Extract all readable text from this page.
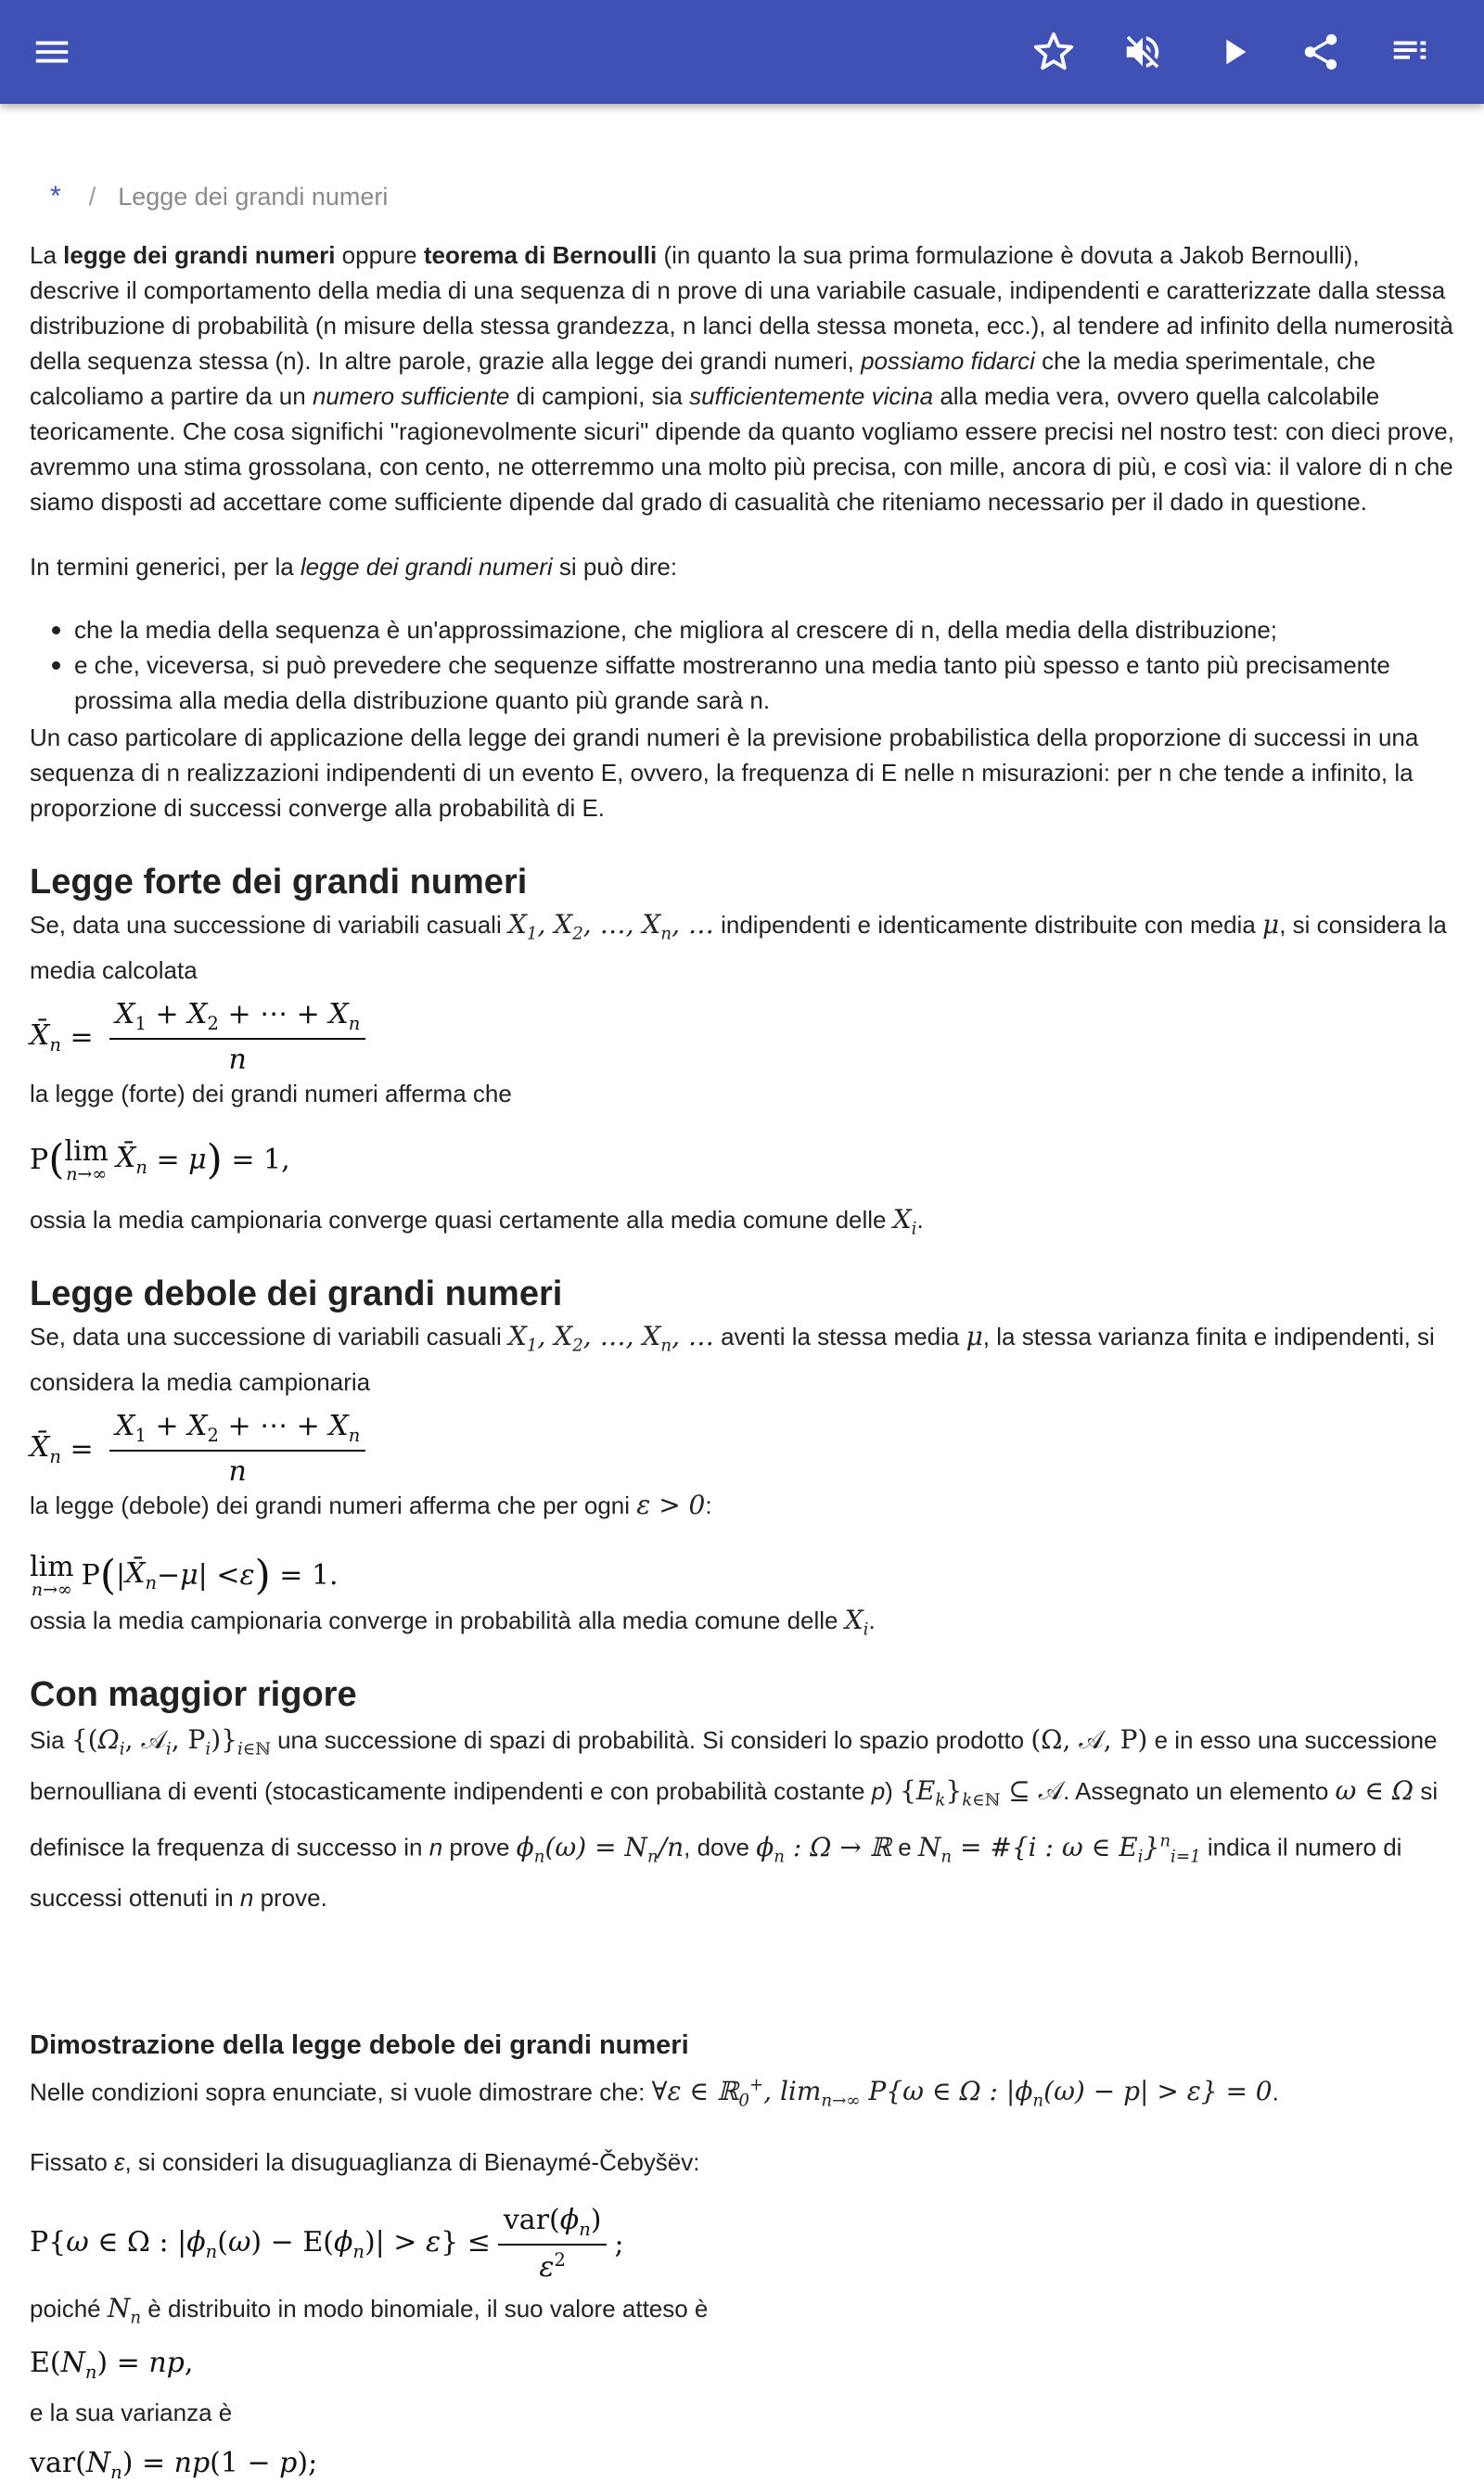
* / Legge dei grandi numeri

La legge dei grandi numeri oppure teorema di Bernoulli (in quanto la sua prima formulazione è dovuta a Jakob Bernoulli), descrive il comportamento della media di una sequenza di n prove di una variabile casuale, indipendenti e caratterizzate dalla stessa distribuzione di probabilità (n misure della stessa grandezza, n lanci della stessa moneta, ecc.), al tendere ad infinito della numerosità della sequenza stessa (n). In altre parole, grazie alla legge dei grandi numeri, possiamo fidarci che la media sperimentale, che calcoliamo a partire da un numero sufficiente di campioni, sia sufficientemente vicina alla media vera, ovvero quella calcolabile teoricamente. Che cosa significhi "ragionevolmente sicuri" dipende da quanto vogliamo essere precisi nel nostro test: con dieci prove, avremmo una stima grossolana, con cento, ne otterremmo una molto più precisa, con mille, ancora di più, e così via: il valore di n che siamo disposti ad accettare come sufficiente dipende dal grado di casualità che riteniamo necessario per il dado in questione.

In termini generici, per la legge dei grandi numeri si può dire:

che la media della sequenza è un'approssimazione, che migliora al crescere di n, della media della distribuzione;
e che, viceversa, si può prevedere che sequenze siffatte mostreranno una media tanto più spesso e tanto più precisamente prossima alla media della distribuzione quanto più grande sarà n.

Un caso particolare di applicazione della legge dei grandi numeri è la previsione probabilistica della proporzione di successi in una sequenza di n realizzazioni indipendenti di un evento E, ovvero, la frequenza di E nelle n misurazioni: per n che tende a infinito, la proporzione di successi converge alla probabilità di E.

Legge forte dei grandi numeri

Se, data una successione di variabili casuali $X_1$, $X_2$, …, $X_n$, … indipendenti e identicamente distribuite con media μ, si considera la media calcolata

$X̄_n = \frac{X_1 + X_2 + \cdots + X_n}{n}$

la legge (forte) dei grandi numeri afferma che

P ( lim
n→∞ $X̄_n = \mu$ ) = 1,

ossia la media campionaria converge quasi certamente alla media comune delle $X_i$.

Legge debole dei grandi numeri

Se, data una successione di variabili casuali $X_1$, $X_2$, …, $X_n$, … aventi la stessa media μ, la stessa varianza finita e indipendenti, si considera la media campionaria

$X̄_n = \frac{X_1 + X_2 + \cdots + X_n}{n}$

la legge (debole) dei grandi numeri afferma che per ogni ε > 0:

lim
n→∞ P ( | $X̄_n - \mu$ | < ε ) = 1.

ossia la media campionaria converge in probabilità alla media comune delle $X_i$.

Con maggior rigore

Sia {($\Omega_i$, 𝒜$_i$, $P_i)\}_{i\in ℕ}$ una successione di spazi di probabilità. Si consideri lo spazio prodotto (Ω, 𝒜, P) e in esso una successione bernoulliana di eventi (stocasticamente indipendenti e con probabilità costante p) $\{E_k\}_{k\in ℕ}$ ⊆ 𝒜. Assegnato un elemento ω ∈ Ω si definisce la frequenza di successo in n prove $\phi_n(\omega) = N_n/n$, dove $\phi_n$ : Ω → ℝ e $N_n$ = #{i : ω ∈ $E_i\}^n_{i=1}$ indica il numero di successi ottenuti in n prove.

Dimostrazione della legge debole dei grandi numeri

Nelle condizioni sopra enunciate, si vuole dimostrare che: ∀ε ∈ ℝ$_0$+, $\lim_{n\to\infty} P\{\omega$ ∈ Ω : $|\phi_n(\omega) - p| > \varepsilon\} = 0$.

Fissato ε, si consideri la disuguaglianza di Bienaymé-Čebyšëv:

P{ω ∈ Ω : $|\phi_n(\omega) - E(\phi_n)| > \varepsilon\} \le \frac{var(\phi_n)}{\varepsilon^2}$ ;

poiché $N_n$ è distribuito in modo binomiale, il suo valore atteso è

$E(N_n)$ = np,

e la sua varianza è

$var(N_n) = np(1 - p)$;
